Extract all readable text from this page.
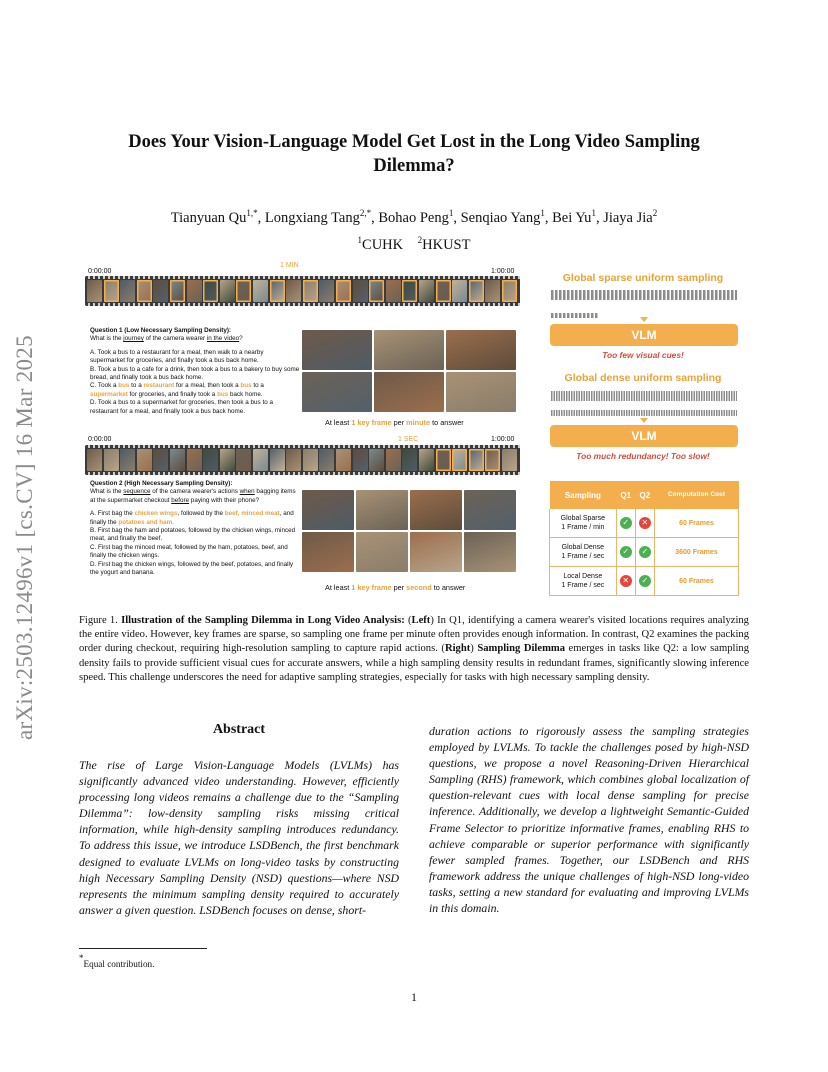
arXiv:2503.12496v1 [cs.CV] 16 Mar 2025
Does Your Vision-Language Model Get Lost in the Long Video Sampling Dilemma?
Tianyuan $Qu^{1,*}$, Longxiang Tang$^{2,*}$, Bohao Peng$^1$, Senqiao Yang$^1$, Bei Yu$^1$, Jiaya Jia$^2$
$^1$CUHK  $^2$HKUST
0:00:00
1 MIN
1:00:00
Question 1 (Low Necessary Sampling Density):
What is the journey of the camera wearer in the video?
A. Took a bus to a restaurant for a meal, then walk to a nearby supermarket for groceries, and finally took a bus back home.
B. Took a bus to a cafe for a drink, then took a bus to a bakery to buy some bread, and finally took a bus back home.
C. Took a bus to a restaurant for a meal, then took a bus to a supermarket for groceries, and finally took a bus back home.
D. Took a bus to a supermarket for groceries, then took a bus to a restaurant for a meal, and finally took a bus back home.
At least 1 key frame per minute to answer
0:00:00	1 SEC	1:00:00
Question 2 (High Necessary Sampling Density):
What is the sequence of the camera wearer's actions when bagging items at the supermarket checkout before paying with their phone?
A. First bag the chicken wings, followed by the beef, minced meat, and finally the potatoes and ham.
B. First bag the ham and potatoes, followed by the chicken wings, minced meat, and finally the beef.
C. First bag the minced meat, followed by the ham, potatoes, beef, and finally the chicken wings.
D. First bag the chicken wings, followed by the beef, potatoes, and finally the yogurt and banana.
At least 1 key frame per second to answer
Global sparse uniform sampling
VLM
Too few visual cues!
Global dense uniform sampling
VLM
Too much redundancy! Too slow!
Sampling	Q1	Q2	Computation Cost

Global Sparse
1 Frame / min	✓	✕	60 Frames

Global Dense
1 Frame / sec	✓	✓	3600 Frames

Local Dense
1 Frame / sec	✕	✓	60 Frames
Figure 1. Illustration of the Sampling Dilemma in Long Video Analysis: (Left) In Q1, identifying a camera wearer's visited locations requires analyzing the entire video. However, key frames are sparse, so sampling one frame per minute often provides enough information. In contrast, Q2 examines the packing order during checkout, requiring high-resolution sampling to capture rapid actions. (Right) Sampling Dilemma emerges in tasks like Q2: a low sampling density fails to provide sufficient visual cues for accurate answers, while a high sampling density results in redundant frames, significantly slowing inference speed. This challenge underscores the need for adaptive sampling strategies, especially for tasks with high necessary sampling density.
Abstract
The rise of Large Vision-Language Models (LVLMs) has significantly advanced video understanding. However, efficiently processing long videos remains a challenge due to the “Sampling Dilemma”: low-density sampling risks missing critical information, while high-density sampling introduces redundancy. To address this issue, we introduce LSDBench, the first benchmark designed to evaluate LVLMs on long-video tasks by constructing high Necessary Sampling Density (NSD) questions—where NSD represents the minimum sampling density required to accurately answer a given question. LSDBench focuses on dense, short-
duration actions to rigorously assess the sampling strategies employed by LVLMs. To tackle the challenges posed by high-NSD questions, we propose a novel Reasoning-Driven Hierarchical Sampling (RHS) framework, which combines global localization of question-relevant cues with local dense sampling for precise inference. Additionally, we develop a lightweight Semantic-Guided Frame Selector to prioritize informative frames, enabling RHS to achieve comparable or superior performance with significantly fewer sampled frames. Together, our LSDBench and RHS framework address the unique challenges of high-NSD long-video tasks, setting a new standard for evaluating and improving LVLMs in this domain.
*Equal contribution.
1
